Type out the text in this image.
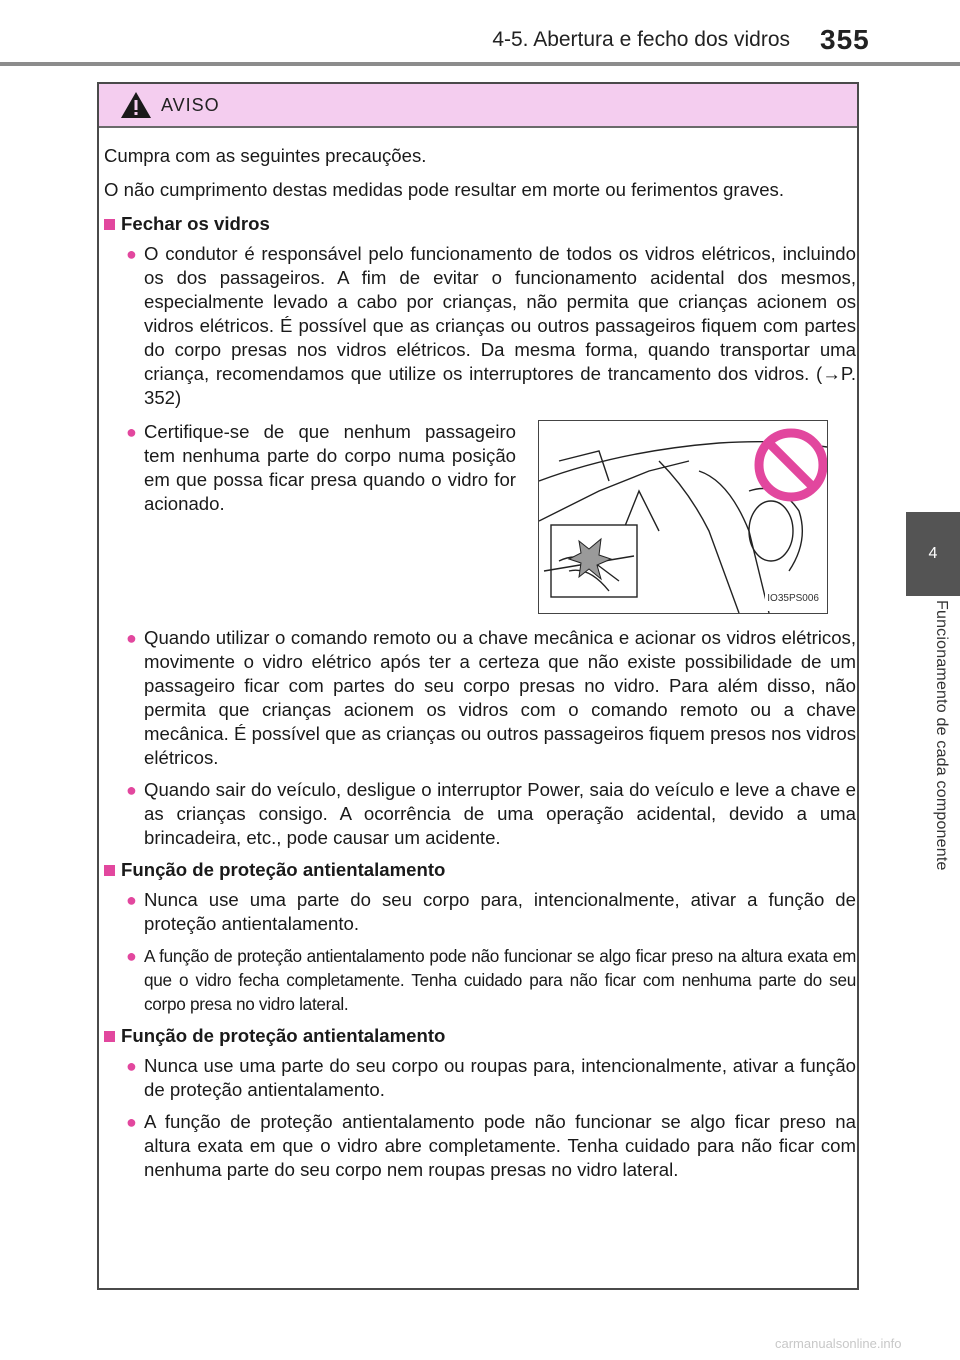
4-5. Abertura e fecho dos vidros 355
4
Funcionamento de cada componente
AVISO

Cumpra com as seguintes precauções.

O não cumprimento destas medidas pode resultar em morte ou ferimentos graves.

Fechar os vidros
● O condutor é responsável pelo funcionamento de todos os vidros elétricos, incluindo os dos passageiros. A fim de evitar o funcionamento acidental dos mesmos, especialmente levado a cabo por crianças, não permita que crianças acionem os vidros elétricos. É possível que as crianças ou outros passageiros fiquem com partes do corpo presas nos vidros elétricos. Da mesma forma, quando transportar uma criança, recomendamos que utilize os interruptores de trancamento dos vidros. (→P. 352)
● Certifique-se de que nenhum passageiro tem nenhuma parte do corpo numa posição em que possa ficar presa quando o vidro for acionado.
IO35PS006
● Quando utilizar o comando remoto ou a chave mecânica e acionar os vidros elétricos, movimente o vidro elétrico após ter a certeza que não existe possibilidade de um passageiro ficar com partes do seu corpo presas no vidro. Para além disso, não permita que crianças acionem os vidros com o comando remoto ou a chave mecânica. É possível que as crianças ou outros passageiros fiquem presos nos vidros elétricos.
● Quando sair do veículo, desligue o interruptor Power, saia do veículo e leve a chave e as crianças consigo. A ocorrência de uma operação acidental, devido a uma brincadeira, etc., pode causar um acidente.
Função de proteção antientalamento
● Nunca use uma parte do seu corpo para, intencionalmente, ativar a função de proteção antientalamento.
● A função de proteção antientalamento pode não funcionar se algo ficar preso na altura exata em que o vidro fecha completamente. Tenha cuidado para não ficar com nenhuma parte do seu corpo presa no vidro lateral.
Função de proteção antientalamento
● Nunca use uma parte do seu corpo ou roupas para, intencionalmente, ativar a função de proteção antientalamento.
● A função de proteção antientalamento pode não funcionar se algo ficar preso na altura exata em que o vidro abre completamente. Tenha cuidado para não ficar com nenhuma parte do seu corpo nem roupas presas no vidro lateral.
carmanualsonline.info
